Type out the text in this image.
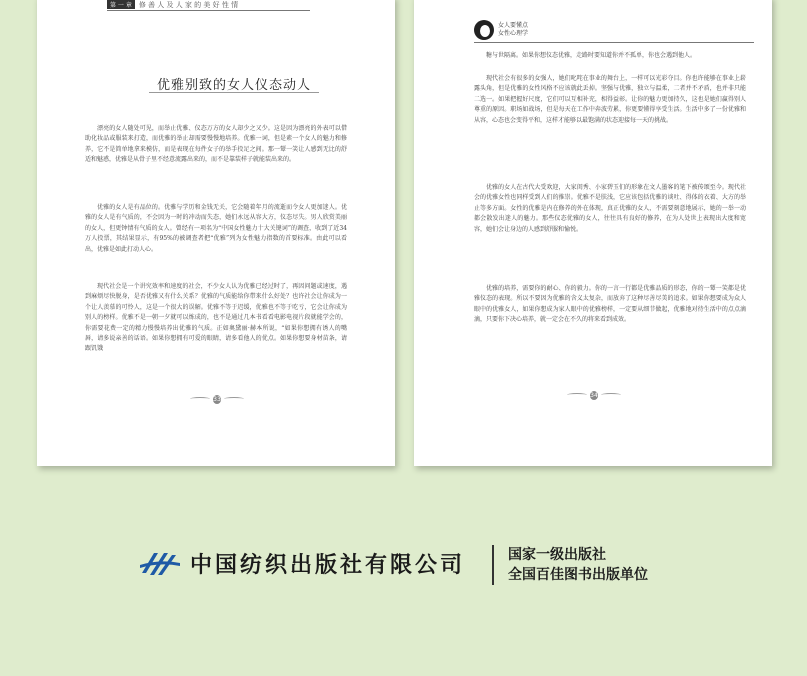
第 一 章	修 善 人 及 人 家 的 美 好 性 情
优雅别致的女人仪态动人

漂亮的女人随处可见，而举止优雅、仪态万方的女人却少之又少。这是因为漂亮的外表可以借助化妆品或服装来打造，而优雅的举止却需要慢慢地培养。优雅一词，但是素一个女人的魅力和修养，它不是简单地拿来模仿，而是表现在每件女子的举手投足之间。那一颦一笑让人感到无比的舒适和魅惑，优雅是从骨子里不经意流露出来的，而不是靠装样子就能装出来的。

优雅的女人是有品位的。优雅与学历和金钱无关，它会随着年月的流逝而令女人更加迷人。优雅的女人是有气质的，不会因为一时的冲动而失态，她们永远从容大方，仪态尽失。男人欣赏美丽的女人，但更钟情有气质的女人。曾经有一项名为“中国女性魅力十大关键词”的调查，收到了近34万人投票，其结果显示，有95%的被调查者把“优雅”列为女性魅力指数的首要标准。由此可以看出，优雅是如此打动人心。

现代社会是一个讲究效率和速度的社会，不少女人认为优雅已经过时了，再因问题或速度，遇到麻烦尽快脱身，是否优雅又有什么关系？优雅的气质能给你带来什么好处？也许社会让你成为一个让人羡慕的可怜人，这是一个很大的误解。优雅不等于迟缓，优雅也不等于吃亏，它会让你成为别人的榜样。优雅不是一朝一夕就可以炼成的，也不是通过几本书看看电影电视片段就能学会的，你需要花费一定的精力慢慢培养出优雅的气质。正如奥黛丽·赫本所说，“如果你想拥有诱人的嘴唇，请多说亲善的话语。如果你想拥有可爱的眼睛，请多看他人的优点。如果你想要身材苗条，请跟饥饿

33
女人要懂点
女性心理学

糖与世隔离。如果你想仪态优雅，走路时要知道你并不孤单，你也会遇到他人。

现代社会有很多的女强人，她们叱咤在事业的舞台上，一样可以光彩夺目。你也许能够在事业上崭露头角，但是优雅的女性风格不应该就此丢掉。坚强与优雅，独立与温柔，二者并不矛盾，也并非只能二选一。如果把握好尺度，它们可以互相补充，相得益彰。让你的魅力更加持久，这也是她们赢得别人尊重的原因。职场如战场，但是每天在工作中奔波劳累，你更要懂得享受生活。生活中多了一份优雅和从容，心态也会变得平和，这样才能够以最饱满的状态迎接每一天的挑战。

优雅的女人在古代大受欢迎，大家闺秀、小家碧玉们的形象在文人墨客的笔下被传颂至今。现代社会的优雅女性也同样受到人们的推崇。优雅不是肤浅，它应该包括优雅的谈吐、得体的衣着、大方的举止等多方面。女性的优雅是内在修养的外在体现，真正优雅的女人，不需要刻意地展示，她的一举一动都会散发出迷人的魅力。那些仪态优雅的女人，往往具有良好的修养，在为人处世上表现出大度和宽容，她们会让身边的人感到舒服和愉悦。

优雅的培养，需要你的耐心、你的毅力。你的一言一行都是优雅品质的形态，你的一颦一笑都是优雅仪态的表现。所以不要因为优雅的含义太复杂，而放弃了这种尽善尽美的追求。如果你想要成为众人眼中的优雅女人，如果你想成为家人眼中的优雅榜样，一定要从细节做起，优雅地对待生活中的点点滴滴，只要你下决心培养，就一定会在不久的将来看到成效。

34
中国纺织出版社有限公司	国家一级出版社
全国百佳图书出版单位
